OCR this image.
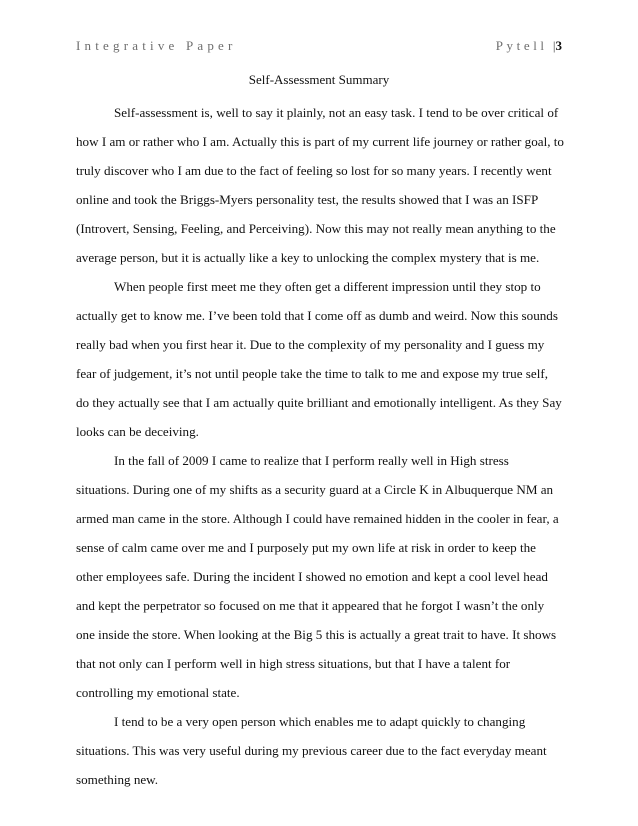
Integrative Paper	Pytell |3
Self-Assessment Summary

Self-assessment is, well to say it plainly, not an easy task. I tend to be over critical of how I am or rather who I am. Actually this is part of my current life journey or rather goal, to truly discover who I am due to the fact of feeling so lost for so many years. I recently went online and took the Briggs-Myers personality test, the results showed that I was an ISFP (Introvert, Sensing, Feeling, and Perceiving). Now this may not really mean anything to the average person, but it is actually like a key to unlocking the complex mystery that is me.

When people first meet me they often get a different impression until they stop to actually get to know me. I’ve been told that I come off as dumb and weird. Now this sounds really bad when you first hear it. Due to the complexity of my personality and I guess my fear of judgement, it’s not until people take the time to talk to me and expose my true self, do they actually see that I am actually quite brilliant and emotionally intelligent. As they Say looks can be deceiving.

In the fall of 2009 I came to realize that I perform really well in High stress situations. During one of my shifts as a security guard at a Circle K in Albuquerque NM an armed man came in the store. Although I could have remained hidden in the cooler in fear, a sense of calm came over me and I purposely put my own life at risk in order to keep the other employees safe. During the incident I showed no emotion and kept a cool level head and kept the perpetrator so focused on me that it appeared that he forgot I wasn’t the only one inside the store. When looking at the Big 5 this is actually a great trait to have. It shows that not only can I perform well in high stress situations, but that I have a talent for controlling my emotional state.

I tend to be a very open person which enables me to adapt quickly to changing situations. This was very useful during my previous career due to the fact everyday meant something new.
